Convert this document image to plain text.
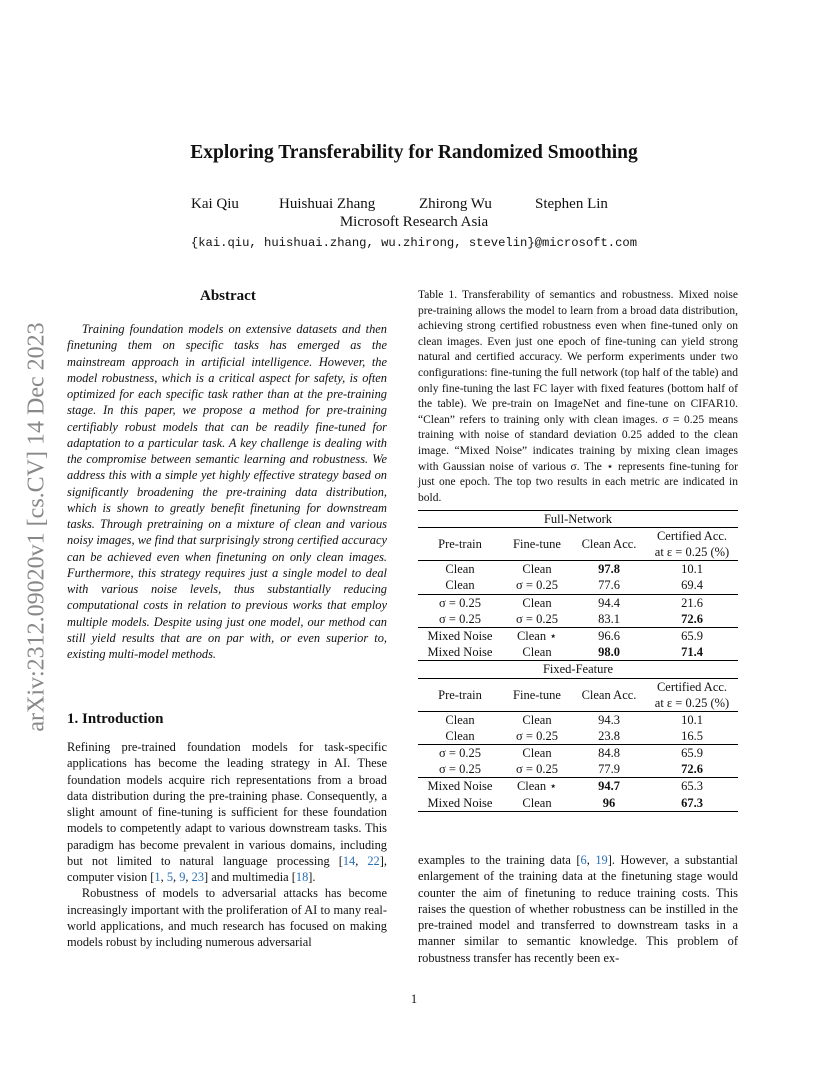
Exploring Transferability for Randomized Smoothing
Kai Qiu	Huishuai Zhang	Zhirong Wu	Stephen Lin
Microsoft Research Asia
{kai.qiu, huishuai.zhang, wu.zhirong, stevelin}@microsoft.com
arXiv:2312.09020v1 [cs.CV] 14 Dec 2023
Abstract
Training foundation models on extensive datasets and then finetuning them on specific tasks has emerged as the mainstream approach in artificial intelligence. However, the model robustness, which is a critical aspect for safety, is often optimized for each specific task rather than at the pre-training stage. In this paper, we propose a method for pre-training certifiably robust models that can be readily fine-tuned for adaptation to a particular task. A key challenge is dealing with the compromise between semantic learning and robustness. We address this with a simple yet highly effective strategy based on significantly broadening the pre-training data distribution, which is shown to greatly benefit finetuning for downstream tasks. Through pretraining on a mixture of clean and various noisy images, we find that surprisingly strong certified accuracy can be achieved even when finetuning on only clean images. Furthermore, this strategy requires just a single model to deal with various noise levels, thus substantially reducing computational costs in relation to previous works that employ multiple models. Despite using just one model, our method can still yield results that are on par with, or even superior to, existing multi-model methods.
1. Introduction

Refining pre-trained foundation models for task-specific applications has become the leading strategy in AI. These foundation models acquire rich representations from a broad data distribution during the pre-training phase. Consequently, a slight amount of fine-tuning is sufficient for these foundation models to competently adapt to various downstream tasks. This paradigm has become prevalent in various domains, including but not limited to natural language processing [14, 22], computer vision [1, 5, 9, 23] and multimedia [18].

Robustness of models to adversarial attacks has become increasingly important with the proliferation of AI to many real-world applications, and much research has focused on making models robust by including numerous adversarial

Table 1. Transferability of semantics and robustness. Mixed noise pre-training allows the model to learn from a broad data distribution, achieving strong certified robustness even when fine-tuned only on clean images. Even just one epoch of fine-tuning can yield strong natural and certified accuracy. We perform experiments under two configurations: fine-tuning the full network (top half of the table) and only fine-tuning the last FC layer with fixed features (bottom half of the table). We pre-train on ImageNet and fine-tune on CIFAR10. “Clean” refers to training only with clean images. σ = 0.25 means training with noise of standard deviation 0.25 added to the clean image. “Mixed Noise” indicates training by mixing clean images with Gaussian noise of various σ. The ⋆ represents fine-tuning for just one epoch. The top two results in each metric are indicated in bold.
Full-Network			
Pre-train	Fine-tune	Clean Acc.	Certified Acc.
at ε = 0.25 (%)

Clean	Clean	97.8	10.1
Clean	σ = 0.25	77.6	69.4
σ = 0.25	Clean	94.4	21.6
σ = 0.25	σ = 0.25	83.1	72.6
Mixed Noise	Clean ⋆	96.6	65.9
Mixed Noise	Clean	98.0	71.4
Fixed-Feature			
Pre-train	Fine-tune	Clean Acc.	Certified Acc.
at ε = 0.25 (%)

Clean	Clean	94.3	10.1
Clean	σ = 0.25	23.8	16.5
σ = 0.25	Clean	84.8	65.9
σ = 0.25	σ = 0.25	77.9	72.6
Mixed Noise	Clean ⋆	94.7	65.3
Mixed Noise	Clean	96	67.3
examples to the training data [6, 19]. However, a substantial enlargement of the training data at the finetuning stage would counter the aim of finetuning to reduce training costs. This raises the question of whether robustness can be instilled in the pre-trained model and transferred to downstream tasks in a manner similar to semantic knowledge. This problem of robustness transfer has recently been ex-
1
